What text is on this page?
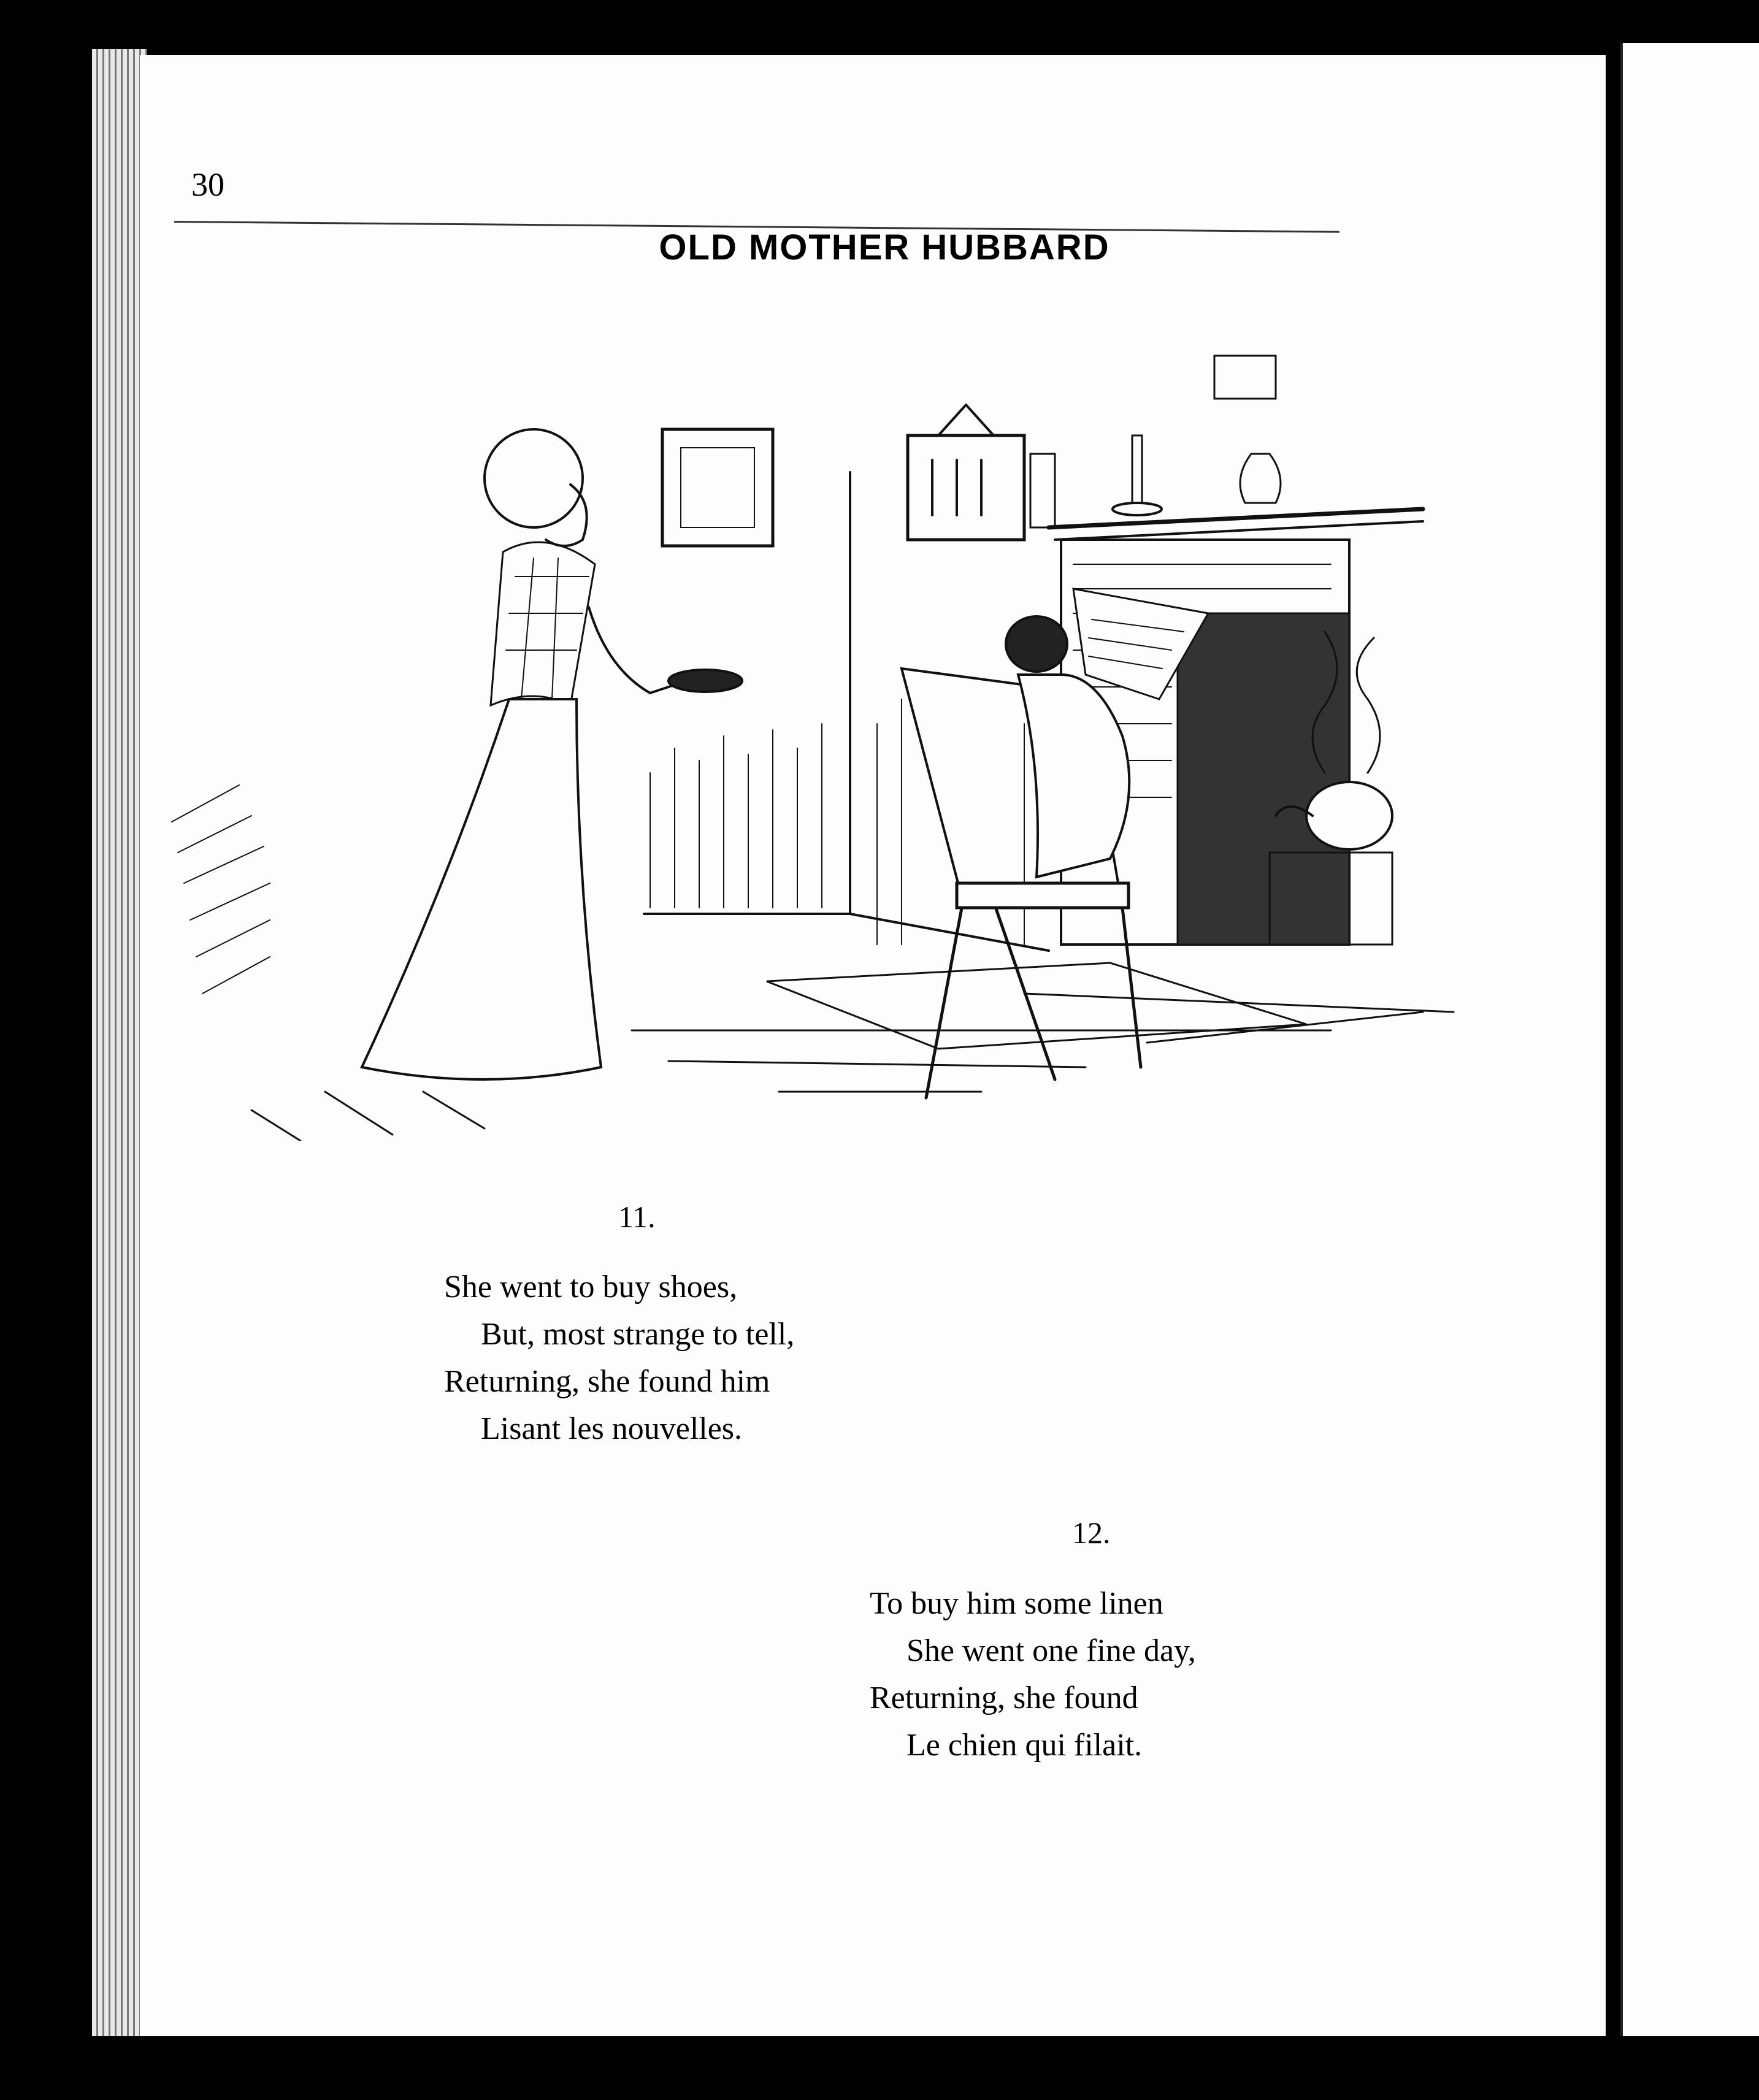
30
OLD MOTHER HUBBARD
11.
She went to buy shoes,
But, most strange to tell,
Returning, she found him
Lisant les nouvelles.
12.
To buy him some linen
She went one fine day,
Returning, she found
Le chien qui filait.
